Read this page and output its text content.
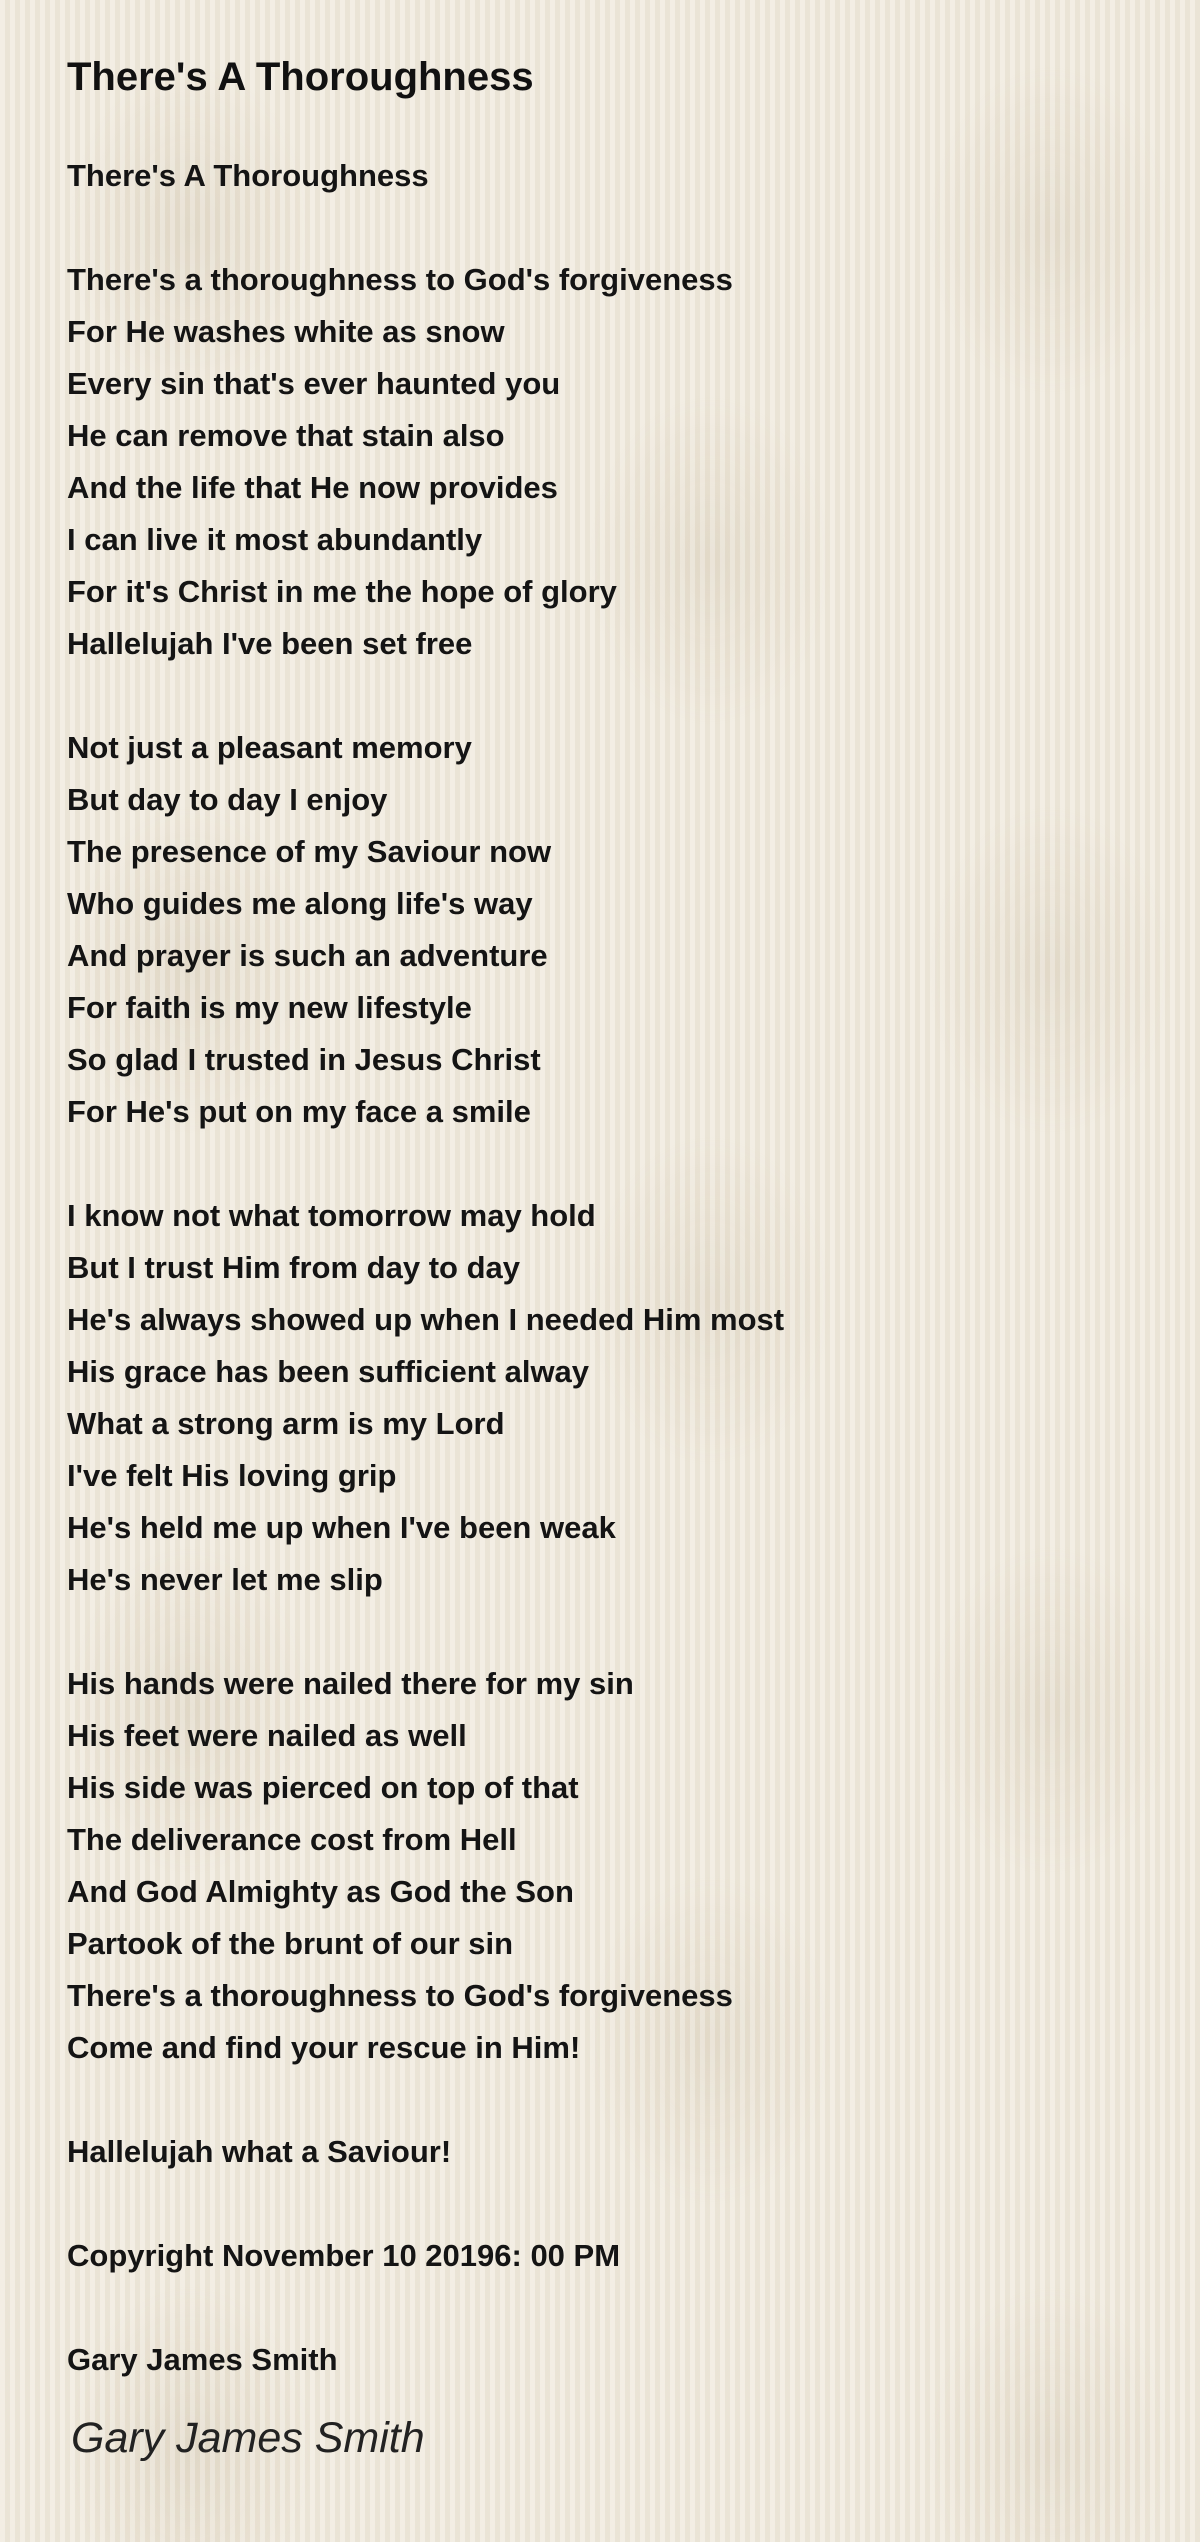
There's A Thoroughness
There's A Thoroughness
There's a thoroughness to God's forgiveness
For He washes white as snow
Every sin that's ever haunted you
He can remove that stain also
And the life that He now provides
I can live it most abundantly
For it's Christ in me the hope of glory
Hallelujah I've been set free
Not just a pleasant memory
But day to day I enjoy
The presence of my Saviour now
Who guides me along life's way
And prayer is such an adventure
For faith is my new lifestyle
So glad I trusted in Jesus Christ
For He's put on my face a smile
I know not what tomorrow may hold
But I trust Him from day to day
He's always showed up when I needed Him most
His grace has been sufficient alway
What a strong arm is my Lord
I've felt His loving grip
He's held me up when I've been weak
He's never let me slip
His hands were nailed there for my sin
His feet were nailed as well
His side was pierced on top of that
The deliverance cost from Hell
And God Almighty as God the Son
Partook of the brunt of our sin
There's a thoroughness to God's forgiveness
Come and find your rescue in Him!
Hallelujah what a Saviour!
Copyright November 10 20196: 00 PM
Gary James Smith
Gary James Smith
